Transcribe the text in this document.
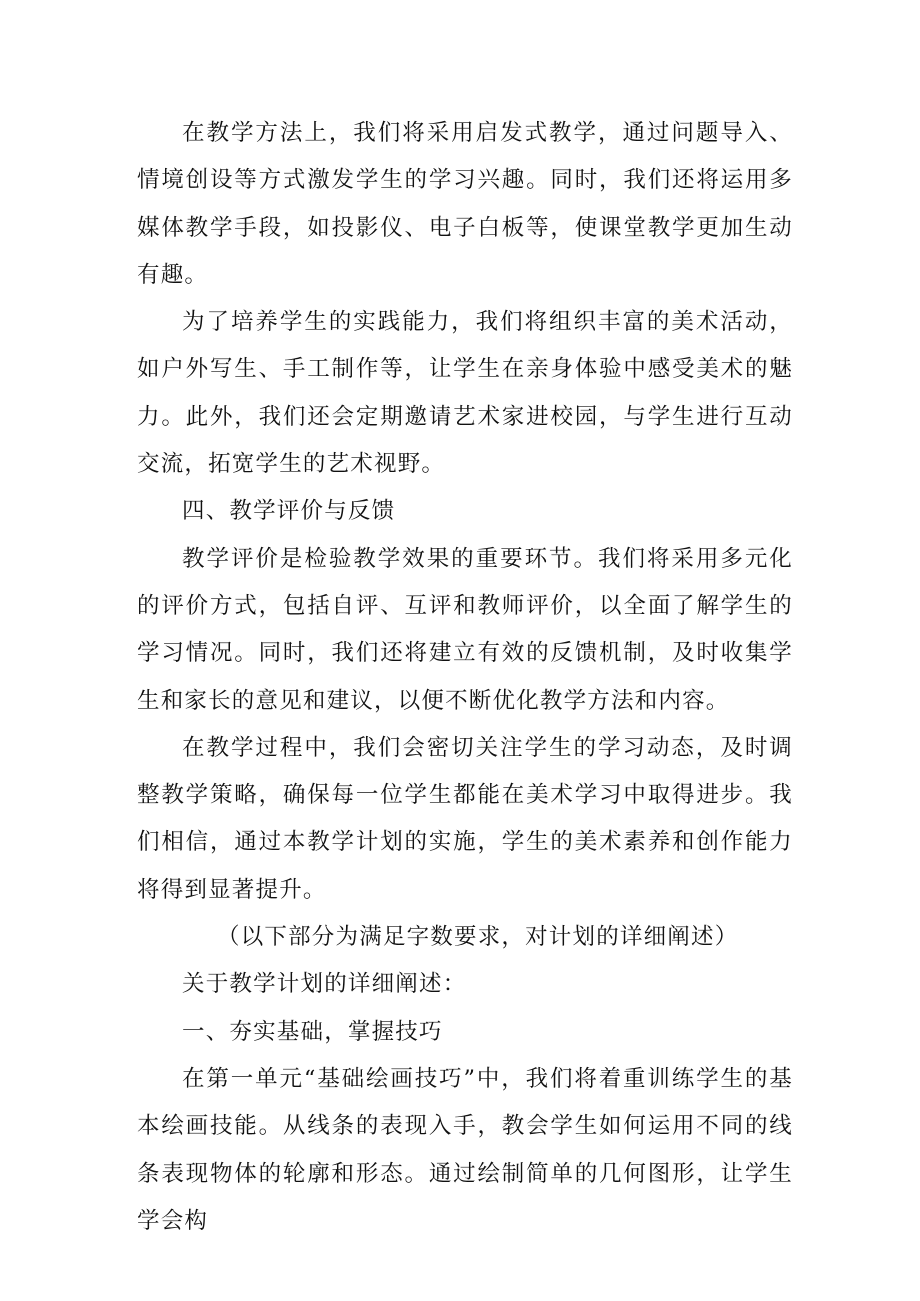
在教学方法上，我们将采用启发式教学，通过问题导入、情境创设等方式激发学生的学习兴趣。同时，我们还将运用多媒体教学手段，如投影仪、电子白板等，使课堂教学更加生动有趣。

为了培养学生的实践能力，我们将组织丰富的美术活动，如户外写生、手工制作等，让学生在亲身体验中感受美术的魅力。此外，我们还会定期邀请艺术家进校园，与学生进行互动交流，拓宽学生的艺术视野。

四、教学评价与反馈

教学评价是检验教学效果的重要环节。我们将采用多元化的评价方式，包括自评、互评和教师评价，以全面了解学生的学习情况。同时，我们还将建立有效的反馈机制，及时收集学生和家长的意见和建议，以便不断优化教学方法和内容。

在教学过程中，我们会密切关注学生的学习动态，及时调整教学策略，确保每一位学生都能在美术学习中取得进步。我们相信，通过本教学计划的实施，学生的美术素养和创作能力将得到显著提升。

（以下部分为满足字数要求，对计划的详细阐述）

关于教学计划的详细阐述：

一、夯实基础，掌握技巧

在第一单元“基础绘画技巧”中，我们将着重训练学生的基本绘画技能。从线条的表现入手，教会学生如何运用不同的线条表现物体的轮廓和形态。通过绘制简单的几何图形，让学生学会构
